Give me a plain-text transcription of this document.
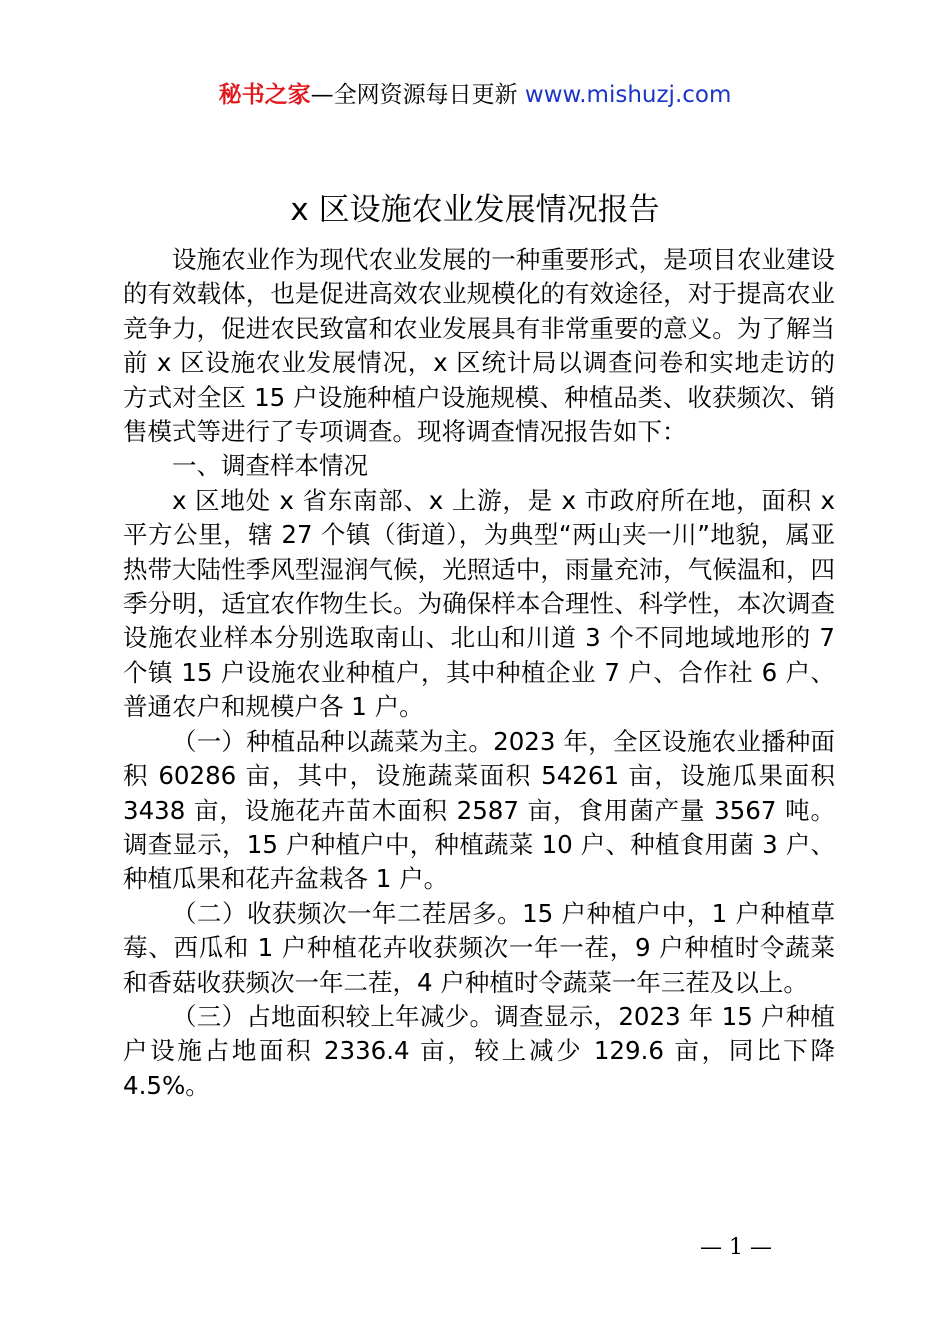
秘书之家—全网资源每日更新 www.mishuzj.com
x 区设施农业发展情况报告

设施农业作为现代农业发展的一种重要形式，是项目农业建设的有效载体，也是促进高效农业规模化的有效途径，对于提高农业竞争力，促进农民致富和农业发展具有非常重要的意义。为了解当前 x 区设施农业发展情况，x 区统计局以调查问卷和实地走访的方式对全区 15 户设施种植户设施规模、种植品类、收获频次、销售模式等进行了专项调查。现将调查情况报告如下：

一、调查样本情况

x 区地处 x 省东南部、x 上游，是 x 市政府所在地，面积 x 平方公里，辖 27 个镇（街道），为典型“两山夹一川”地貌，属亚热带大陆性季风型湿润气候，光照适中，雨量充沛，气候温和，四季分明，适宜农作物生长。为确保样本合理性、科学性，本次调查设施农业样本分别选取南山、北山和川道 3 个不同地域地形的 7 个镇 15 户设施农业种植户，其中种植企业 7 户、合作社 6 户、普通农户和规模户各 1 户。

（一）种植品种以蔬菜为主。2023 年，全区设施农业播种面积 60286 亩，其中，设施蔬菜面积 54261 亩，设施瓜果面积 3438 亩，设施花卉苗木面积 2587 亩，食用菌产量 3567 吨。调查显示，15 户种植户中，种植蔬菜 10 户、种植食用菌 3 户、种植瓜果和花卉盆栽各 1 户。

（二）收获频次一年二茬居多。15 户种植户中，1 户种植草莓、西瓜和 1 户种植花卉收获频次一年一茬，9 户种植时令蔬菜和香菇收获频次一年二茬，4 户种植时令蔬菜一年三茬及以上。

（三）占地面积较上年减少。调查显示，2023 年 15 户种植户设施占地面积 2336.4 亩，较上减少 129.6 亩，同比下降 4.5%。

— 1 —
